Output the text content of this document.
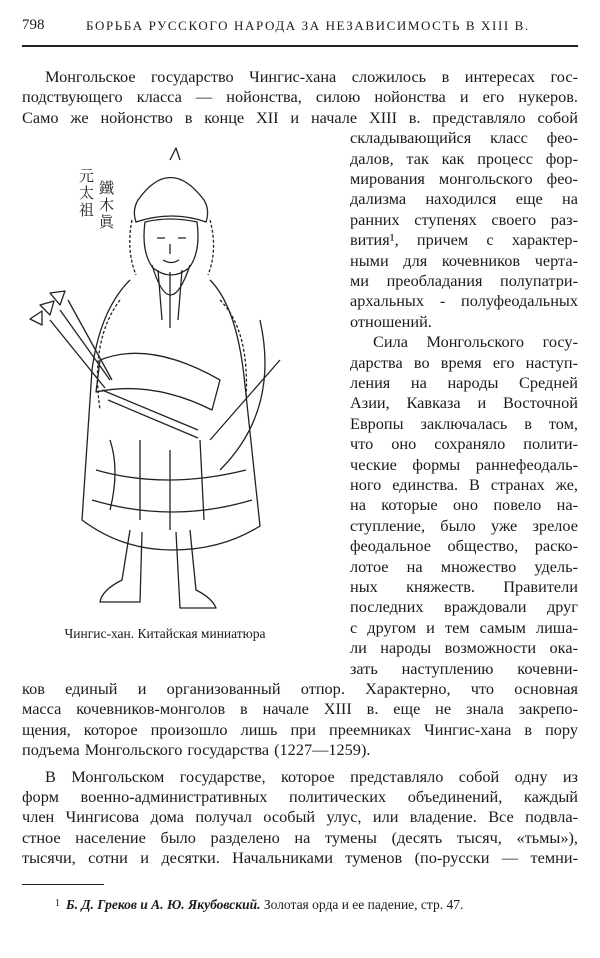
798	БОРЬБА РУССКОГО НАРОДА ЗА НЕЗАВИСИМОСТЬ В XIII В.
Монгольское государство Чингис-хана сложилось в интересах гос-
подствующего класса — нойонства, силою нойонства и его нукеров.
Само же нойонство в конце XII и начале XIII в. представляло собой
складывающийся класс фео-
далов, так как процесс фор-
мирования монгольского фео-
дализма находился еще на
ранних ступенях своего раз-
вития¹, причем с характер-
ными для кочевников черта-
ми преобладания полупатри-
архальных - полуфеодальных
отношений.
Сила Монгольского госу-
дарства во время его наступ-
ления на народы Средней
Азии, Кавказа и Восточной
Европы заключалась в том,
что оно сохраняло полити-
ческие формы раннефеодаль-
ного единства. В странах же,
на которые оно повело на-
ступление, было уже зрелое
феодальное общество, раско-
лотое на множество удель-
ных княжеств. Правители
последних враждовали друг
с другом и тем самым лиша-
ли народы возможности ока-
зать наступлению кочевни-
ков единый и организованный отпор. Характерно, что основная
масса кочевников-монголов в начале XIII в. еще не знала закрепо-
щения, которое произошло лишь при преемниках Чингис-хана в пору
подъема Монгольского государства (1227—1259).
В Монгольском государстве, которое представляло собой одну из
форм военно-административных политических объединений, каждый
член Чингисова дома получал особый улус, или владение. Все подвла-
стное население было разделено на тумены (десять тысяч, «тьмы»),
тысячи, сотни и десятки. Начальниками туменов (по-русски — темни-
元
太
祖
鐵
木
眞
Чингис-хан. Китайская миниатюра
$^1$ Б. Д. Греков и А. Ю. Якубовский. Золотая орда и ее падение, стр. 47.
